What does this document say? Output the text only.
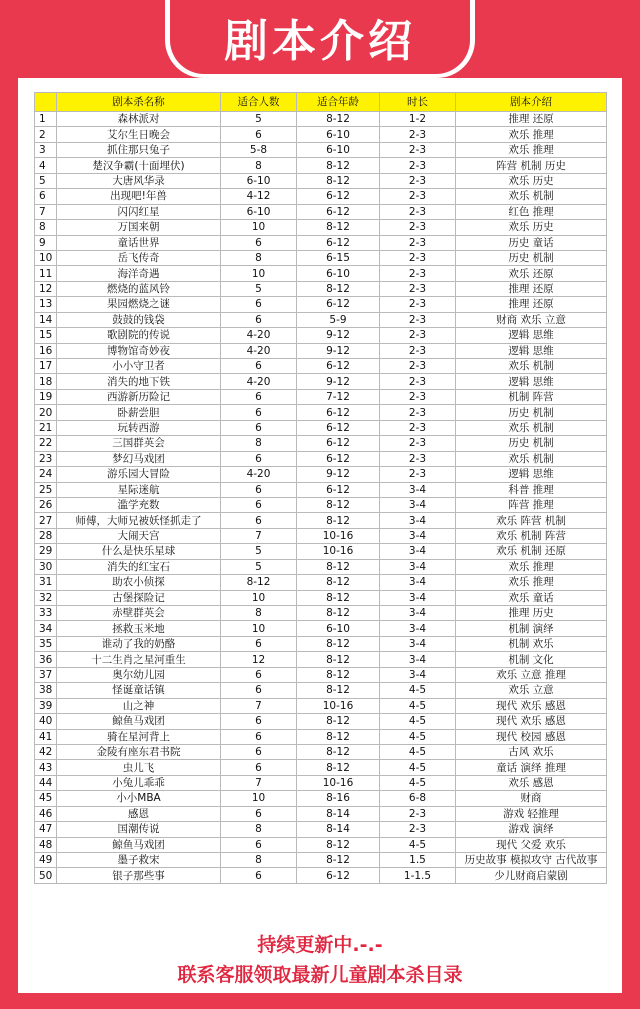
剧本介绍
	剧本杀名称	适合人数	适合年龄	时长	剧本介绍
1	森林派对	5	8-12	1-2	推理 还原
2	艾尔生日晚会	6	6-10	2-3	欢乐 推理
3	抓住那只兔子	5-8	6-10	2-3	欢乐 推理
4	楚汉争霸(十面埋伏)	8	8-12	2-3	阵营 机制 历史
5	大唐风华录	6-10	8-12	2-3	欢乐 历史
6	出现吧!年兽	4-12	6-12	2-3	欢乐 机制
7	闪闪红星	6-10	6-12	2-3	红色 推理
8	万国来朝	10	8-12	2-3	欢乐 历史
9	童话世界	6	6-12	2-3	历史 童话
10	岳飞传奇	8	6-15	2-3	历史 机制
11	海洋奇遇	10	6-10	2-3	欢乐 还原
12	燃烧的蓝风铃	5	8-12	2-3	推理 还原
13	果园燃烧之谜	6	6-12	2-3	推理 还原
14	鼓鼓的钱袋	6	5-9	2-3	财商 欢乐 立意
15	歌剧院的传说	4-20	9-12	2-3	逻辑 思维
16	博物馆奇妙夜	4-20	9-12	2-3	逻辑 思维
17	小小守卫者	6	6-12	2-3	欢乐 机制
18	消失的地下铁	4-20	9-12	2-3	逻辑 思维
19	西游新历险记	6	7-12	2-3	机制 阵营
20	卧薪尝胆	6	6-12	2-3	历史 机制
21	玩转西游	6	6-12	2-3	欢乐 机制
22	三国群英会	8	6-12	2-3	历史 机制
23	梦幻马戏团	6	6-12	2-3	欢乐 机制
24	游乐园大冒险	4-20	9-12	2-3	逻辑 思维
25	星际迷航	6	6-12	3-4	科普 推理
26	滥学充数	6	8-12	3-4	阵营 推理
27	师傅，大师兄被妖怪抓走了	6	8-12	3-4	欢乐 阵营 机制
28	大闹天宫	7	10-16	3-4	欢乐 机制 阵营
29	什么是快乐星球	5	10-16	3-4	欢乐 机制 还原
30	消失的红宝石	5	8-12	3-4	欢乐 推理
31	助农小侦探	8-12	8-12	3-4	欢乐 推理
32	古堡探险记	10	8-12	3-4	欢乐 童话
33	赤壁群英会	8	8-12	3-4	推理 历史
34	拯救玉米地	10	6-10	3-4	机制 演绎
35	谁动了我的奶酪	6	8-12	3-4	机制 欢乐
36	十二生肖之星河重生	12	8-12	3-4	机制 文化
37	奥尔幼儿园	6	8-12	3-4	欢乐 立意 推理
38	怪诞童话镇	6	8-12	4-5	欢乐 立意
39	山之神	7	10-16	4-5	现代 欢乐 感恩
40	鲸鱼马戏团	6	8-12	4-5	现代 欢乐 感恩
41	骑在星河背上	6	8-12	4-5	现代 校园 感恩
42	金陵有座东君书院	6	8-12	4-5	古风 欢乐
43	虫儿飞	6	8-12	4-5	童话 演绎 推理
44	小兔儿乖乖	7	10-16	4-5	欢乐 感恩
45	小小MBA	10	8-16	6-8	财商
46	感恩	6	8-14	2-3	游戏 轻推理
47	国潮传说	8	8-14	2-3	游戏 演绎
48	鲸鱼马戏团	6	8-12	4-5	现代 父爱 欢乐
49	墨子救宋	8	8-12	1.5	历史故事 模拟攻守 古代故事
50	银子那些事	6	6-12	1-1.5	少儿财商启蒙剧
持续更新中.-.-
联系客服领取最新儿童剧本杀目录
